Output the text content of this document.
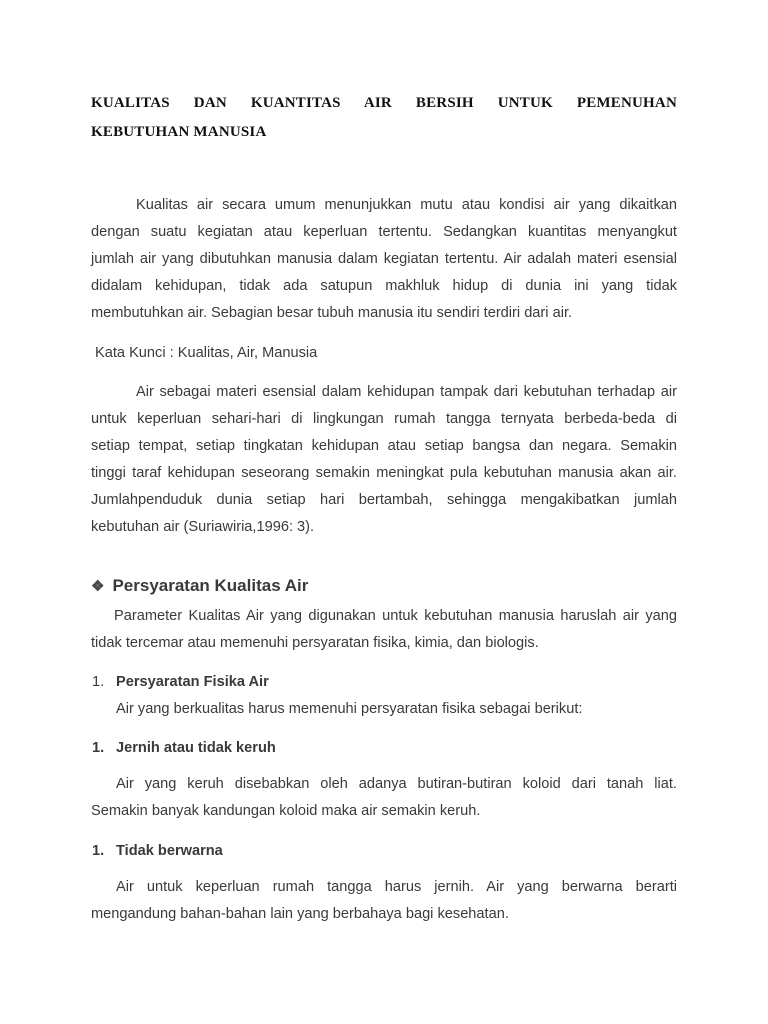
KUALITAS DAN KUANTITAS AIR BERSIH UNTUK PEMENUHAN
KEBUTUHAN MANUSIA
Kualitas air secara umum menunjukkan mutu atau kondisi air yang dikaitkan
dengan suatu kegiatan atau keperluan tertentu. Sedangkan kuantitas menyangkut
jumlah air yang dibutuhkan manusia dalam kegiatan tertentu. Air adalah materi esensial
didalam kehidupan, tidak ada satupun makhluk hidup di dunia ini yang tidak
membutuhkan air. Sebagian besar tubuh manusia itu sendiri terdiri dari air.
Kata Kunci : Kualitas, Air, Manusia
Air sebagai materi esensial dalam kehidupan tampak dari kebutuhan terhadap air
untuk keperluan sehari-hari di lingkungan rumah tangga ternyata berbeda-beda di
setiap tempat, setiap tingkatan kehidupan atau setiap bangsa dan negara. Semakin
tinggi taraf kehidupan seseorang semakin meningkat pula kebutuhan manusia akan air.
Jumlahpenduduk dunia setiap hari bertambah, sehingga mengakibatkan jumlah
kebutuhan air (Suriawiria,1996: 3).
❖ Persyaratan Kualitas Air
Parameter Kualitas Air yang digunakan untuk kebutuhan manusia haruslah air yang
tidak tercemar atau memenuhi persyaratan fisika, kimia, dan biologis.
1. Persyaratan Fisika Air
Air yang berkualitas harus memenuhi persyaratan fisika sebagai berikut:
1. Jernih atau tidak keruh
Air yang keruh disebabkan oleh adanya butiran-butiran koloid dari tanah liat.
Semakin banyak kandungan koloid maka air semakin keruh.
1. Tidak berwarna
Air untuk keperluan rumah tangga harus jernih. Air yang berwarna berarti
mengandung bahan-bahan lain yang berbahaya bagi kesehatan.
